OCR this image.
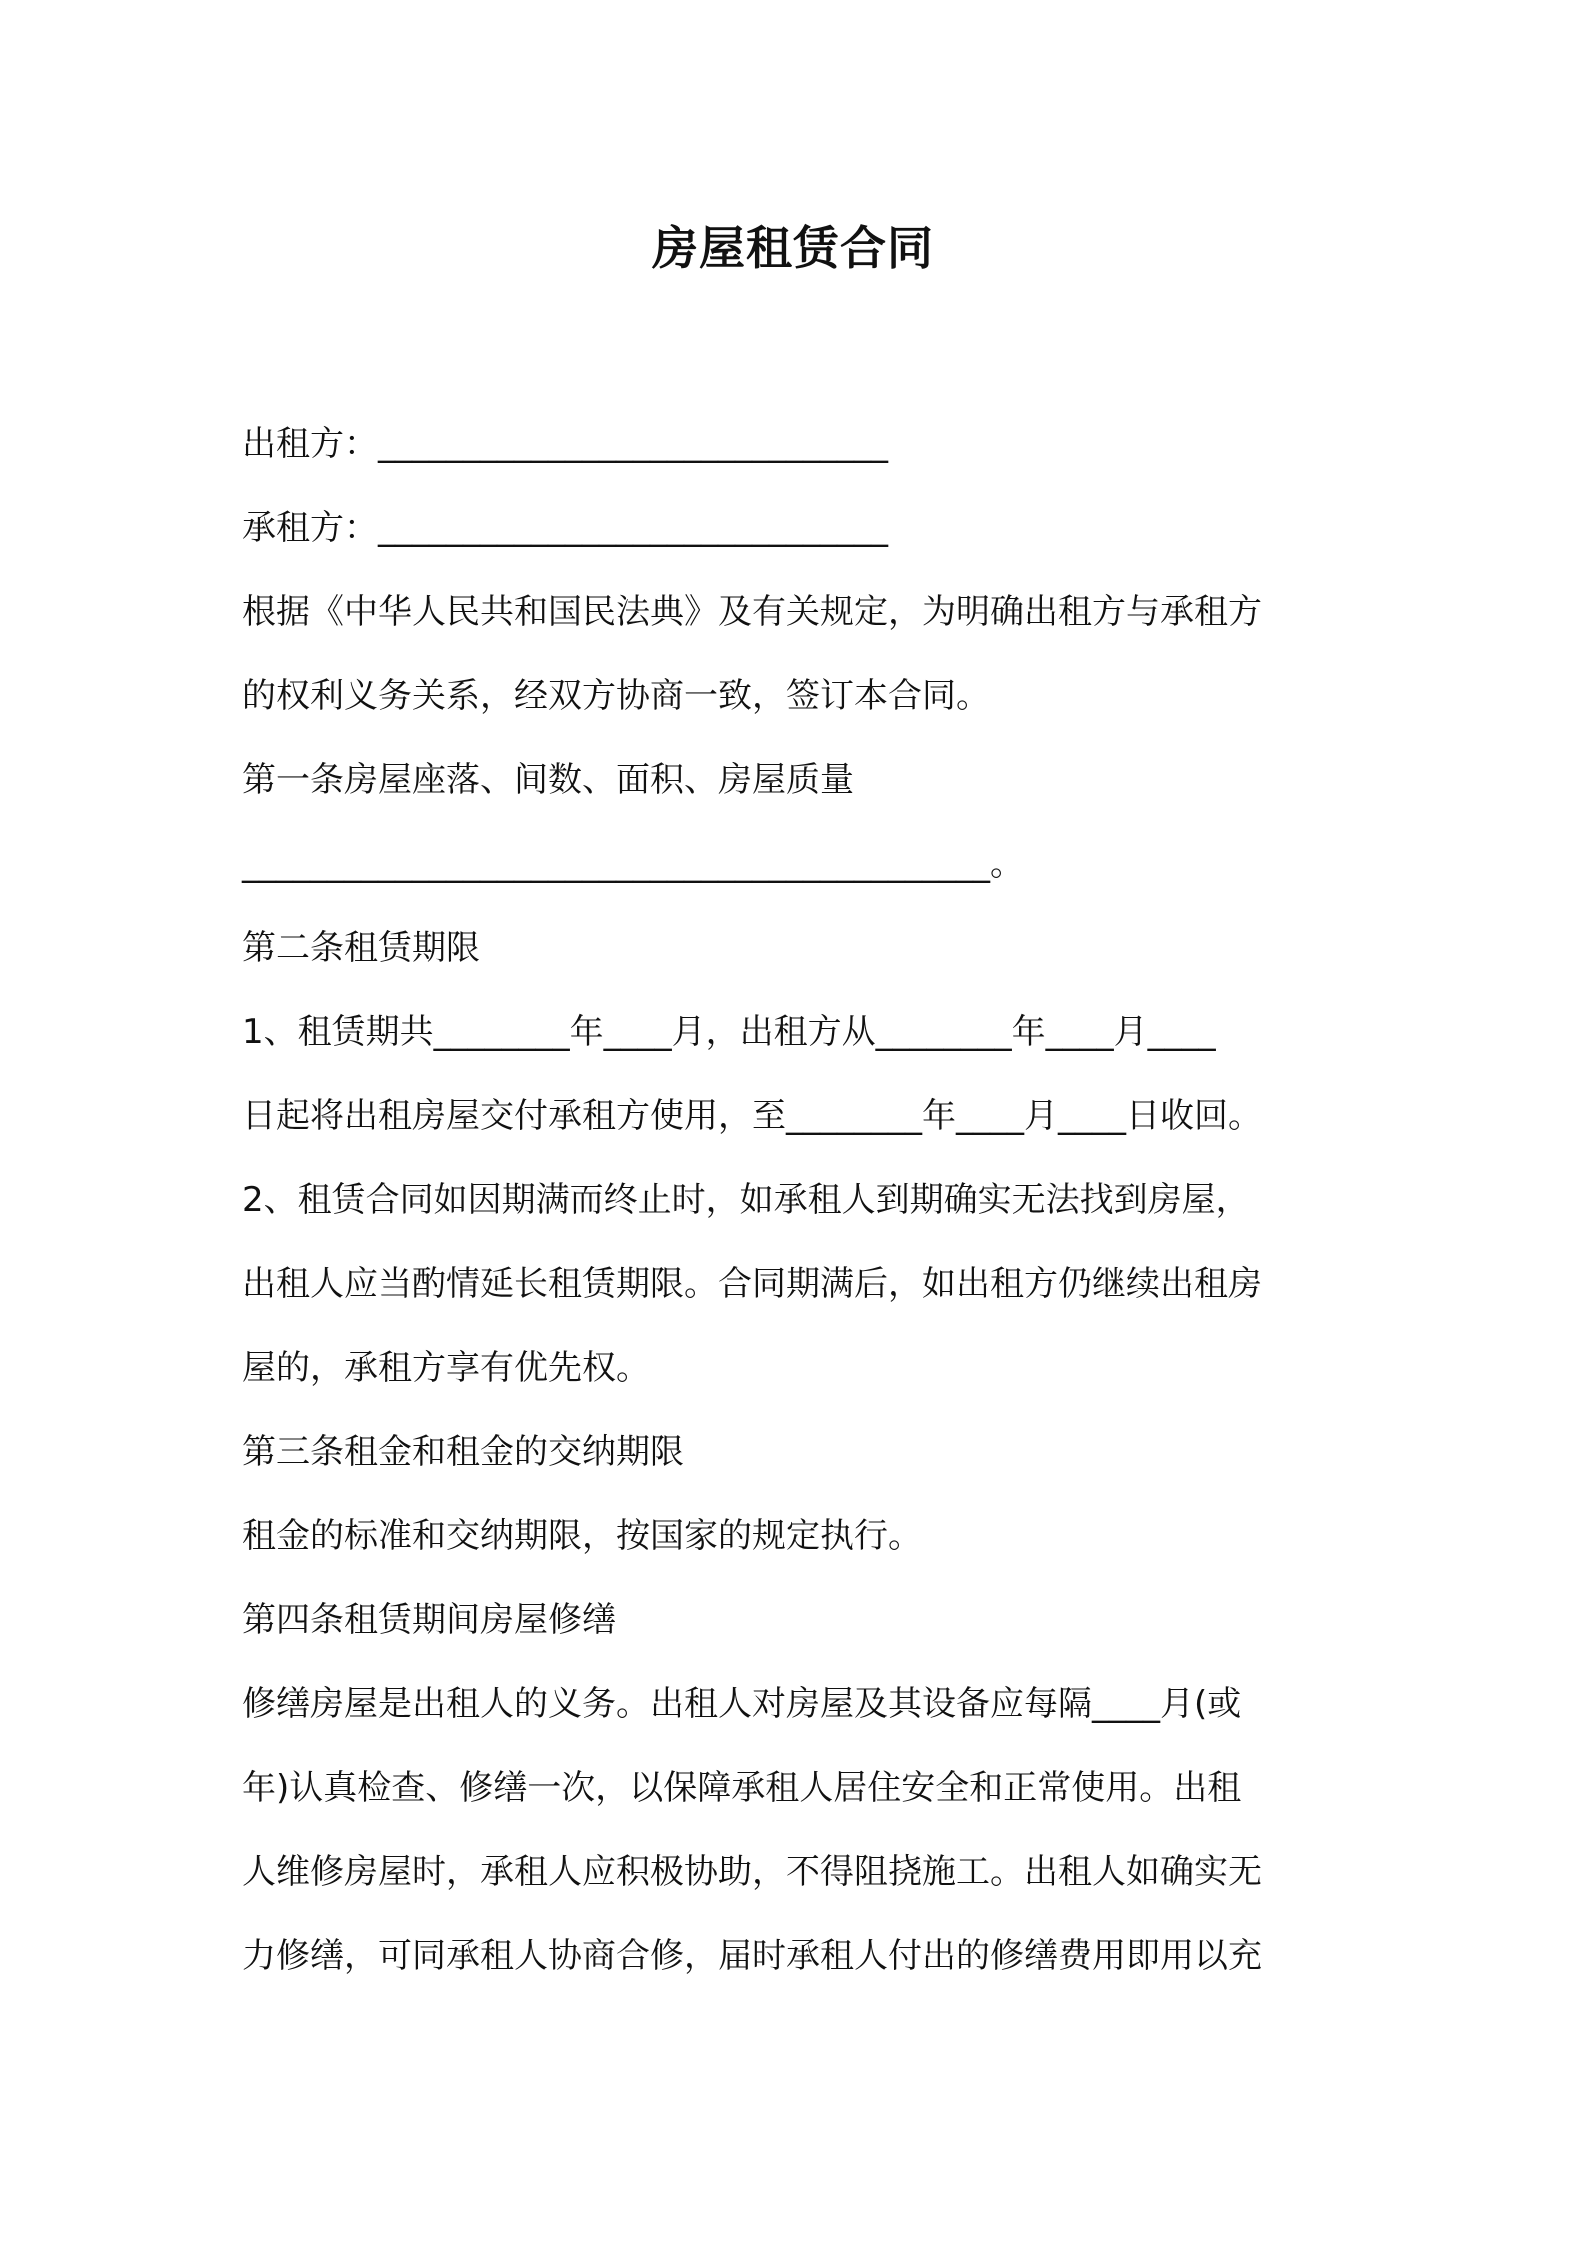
房屋租赁合同

出租方：______________________________

承租方：______________________________

根据《中华人民共和国民法典》及有关规定，为明确出租方与承租方

的权利义务关系，经双方协商一致，签订本合同。

第一条房屋座落、间数、面积、房屋质量

____________________________________________。

第二条租赁期限

1、租赁期共________年____月，出租方从________年____月____

日起将出租房屋交付承租方使用，至________年____月____日收回。

2、租赁合同如因期满而终止时，如承租人到期确实无法找到房屋，

出租人应当酌情延长租赁期限。合同期满后，如出租方仍继续出租房

屋的，承租方享有优先权。

第三条租金和租金的交纳期限

租金的标准和交纳期限，按国家的规定执行。

第四条租赁期间房屋修缮

修缮房屋是出租人的义务。出租人对房屋及其设备应每隔____月(或

年)认真检查、修缮一次，以保障承租人居住安全和正常使用。出租

人维修房屋时，承租人应积极协助，不得阻挠施工。出租人如确实无

力修缮，可同承租人协商合修，届时承租人付出的修缮费用即用以充
